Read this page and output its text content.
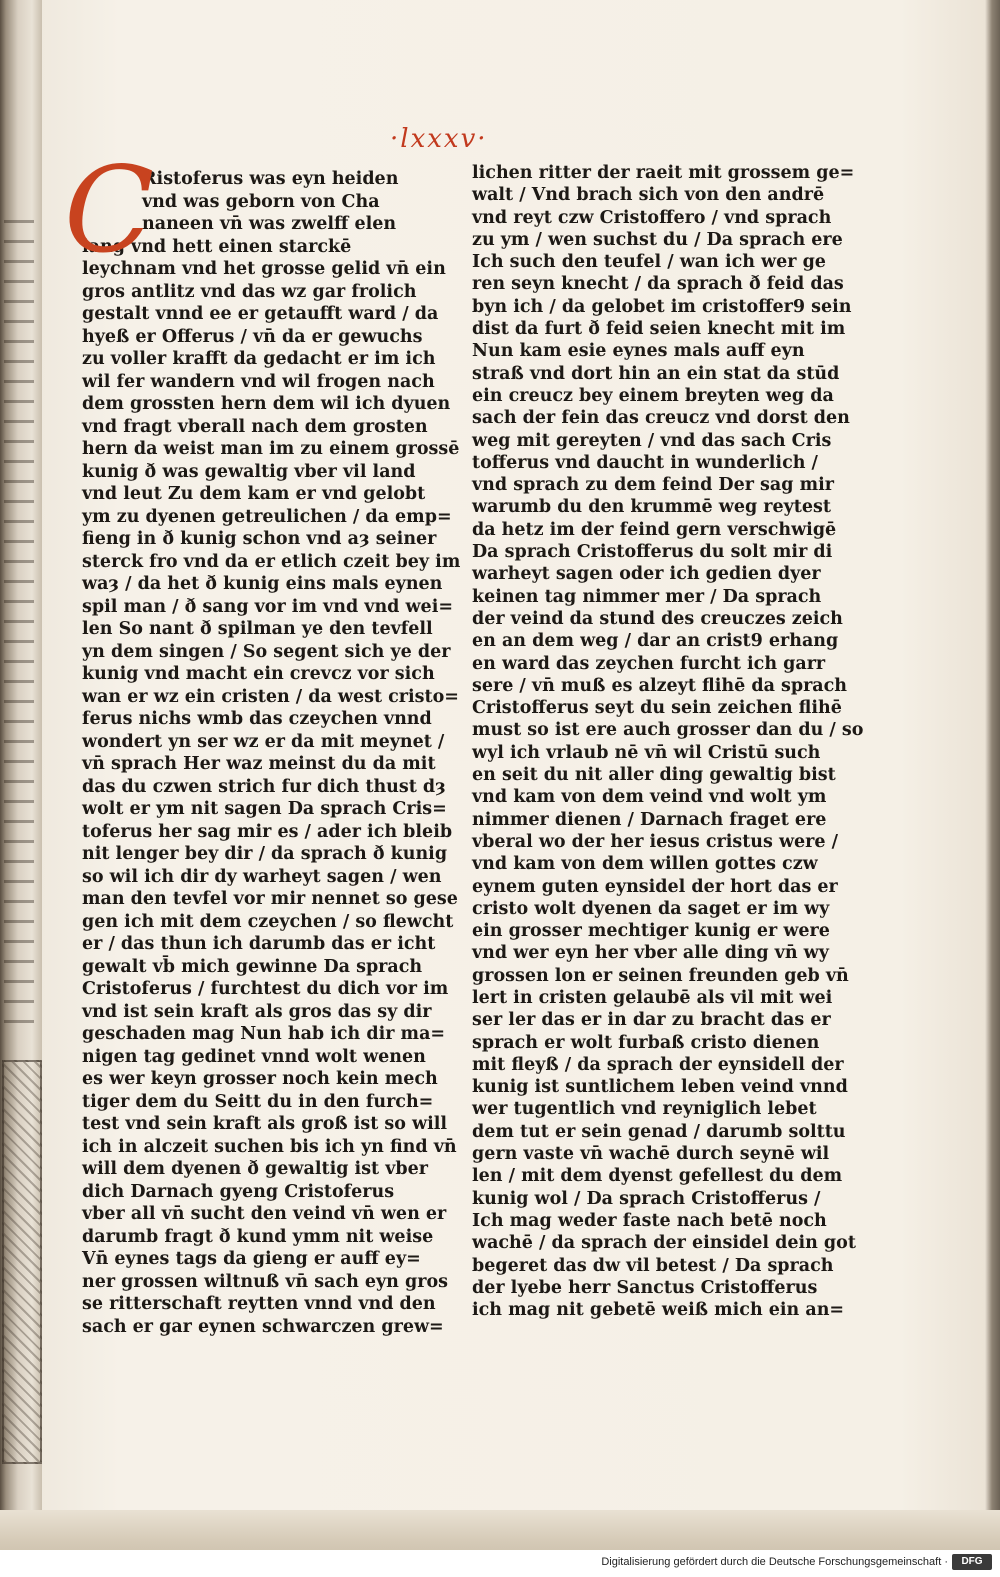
·lxxxv·
C
Ristoferus was eyn heiden
vnd was geborn von Cha
naneen vn̄ was zwelff elen
lang vnd hett einen starckē
leychnam vnd het grosse gelid vn̄ ein
gros antlitz vnd das wz gar frolich
gestalt vnnd ee er getaufft ward / da
hyeß er Offerus / vn̄ da er gewuchs
zu voller krafft da gedacht er im ich
wil fer wandern vnd wil frogen nach
dem grossten hern dem wil ich dyuen
vnd fragt vberall nach dem grosten
hern da weist man im zu einem grossē
kunig ð was gewaltig vber vil land
vnd leut Zu dem kam er vnd gelobt
ym zu dyenen getreulichen / da emp=
fieng in ð kunig schon vnd aȝ seiner
sterck fro vnd da er etlich czeit bey im
waȝ / da het ð kunig eins mals eynen
spil man / ð sang vor im vnd vnd wei=
len So nant ð spilman ye den tevfell
yn dem singen / So segent sich ye der
kunig vnd macht ein crevcz vor sich
wan er wz ein cristen / da west cristo=
ferus nichs wmb das czeychen vnnd
wondert yn ser wz er da mit meynet /
vn̄ sprach Her waz meinst du da mit
das du czwen strich fur dich thust dȝ
wolt er ym nit sagen Da sprach Cris=
toferus her sag mir es / ader ich bleib
nit lenger bey dir / da sprach ð kunig
so wil ich dir dy warheyt sagen / wen
man den tevfel vor mir nennet so gese
gen ich mit dem czeychen / so flewcht
er / das thun ich darumb das er icht
gewalt vb̄ mich gewinne Da sprach
Cristoferus / furchtest du dich vor im
vnd ist sein kraft als gros das sy dir
geschaden mag Nun hab ich dir ma=
nigen tag gedinet vnnd wolt wenen
es wer keyn grosser noch kein mech
tiger dem du Seitt du in den furch=
test vnd sein kraft als groß ist so will
ich in alczeit suchen bis ich yn find vn̄
will dem dyenen ð gewaltig ist vber
dich Darnach gyeng Cristoferus
vber all vn̄ sucht den veind vn̄ wen er
darumb fragt ð kund ymm nit weise
Vn̄ eynes tags da gieng er auff ey=
ner grossen wiltnuß vn̄ sach eyn gros
se ritterschaft reytten vnnd vnd den
sach er gar eynen schwarczen grew=
lichen ritter der raeit mit grossem ge=
walt / Vnd brach sich von den andrē
vnd reyt czw Cristoffero / vnd sprach
zu ym / wen suchst du / Da sprach ere
Ich such den teufel / wan ich wer ge
ren seyn knecht / da sprach ð feid das
byn ich / da gelobet im cristoffer9 sein
dist da furt ð feid seien knecht mit im
Nun kam esie eynes mals auff eyn
straß vnd dort hin an ein stat da stūd
ein creucz bey einem breyten weg da
sach der fein das creucz vnd dorst den
weg mit gereyten / vnd das sach Cris
tofferus vnd daucht in wunderlich /
vnd sprach zu dem feind Der sag mir
warumb du den krummē weg reytest
da hetz im der feind gern verschwigē
Da sprach Cristofferus du solt mir di
warheyt sagen oder ich gedien dyer
keinen tag nimmer mer / Da sprach
der veind da stund des creuczes zeich
en an dem weg / dar an crist9 erhang
en ward das zeychen furcht ich garr
sere / vn̄ muß es alzeyt flihē da sprach
Cristofferus seyt du sein zeichen flihē
must so ist ere auch grosser dan du / so
wyl ich vrlaub nē vn̄ wil Cristū such
en seit du nit aller ding gewaltig bist
vnd kam von dem veind vnd wolt ym
nimmer dienen / Darnach fraget ere
vberal wo der her iesus cristus were /
vnd kam von dem willen gottes czw
eynem guten eynsidel der hort das er
cristo wolt dyenen da saget er im wy
ein grosser mechtiger kunig er were
vnd wer eyn her vber alle ding vn̄ wy
grossen lon er seinen freunden geb vn̄
lert in cristen gelaubē als vil mit wei
ser ler das er in dar zu bracht das er
sprach er wolt furbaß cristo dienen
mit fleyß / da sprach der eynsidell der
kunig ist suntlichem leben veind vnnd
wer tugentlich vnd reyniglich lebet
dem tut er sein genad / darumb solttu
gern vaste vn̄ wachē durch seynē wil
len / mit dem dyenst gefellest du dem
kunig wol / Da sprach Cristofferus /
Ich mag weder faste nach betē noch
wachē / da sprach der einsidel dein got
begeret das dw vil betest / Da sprach
der lyebe herr Sanctus Cristofferus
ich mag nit gebetē weiß mich ein an=
Digitalisierung gefördert durch die Deutsche Forschungsgemeinschaft ·	DFG
